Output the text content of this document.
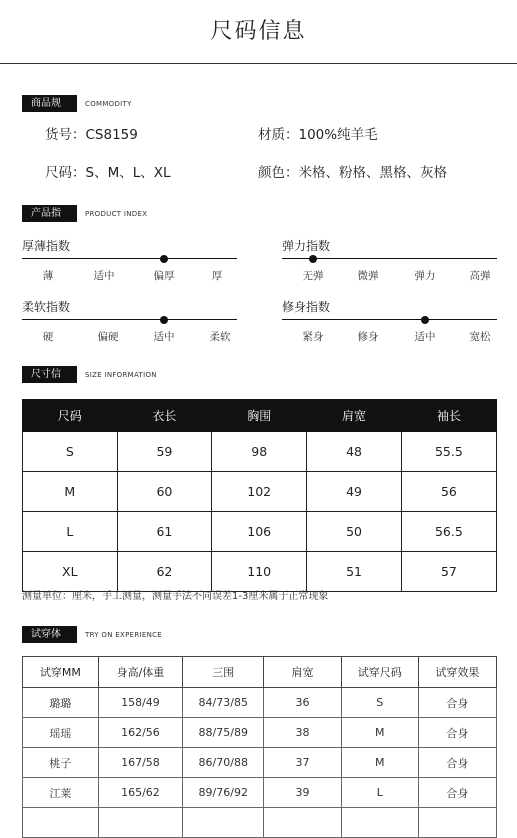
尺码信息
商品规格
COMMODITY
货号：CS8159	材质：100%纯羊毛
尺码：S、M、L、XL	颜色：米格、粉格、黑格、灰格
产品指数
PRODUCT INDEX
厚薄指数
薄	适中	偏厚	厚
弹力指数
无弹	微弹	弹力	高弹
柔软指数
硬	偏硬	适中	柔软
修身指数
紧身	修身	适中	宽松
尺寸信息
SIZE INFORMATION
尺码	衣长	胸围	肩宽	袖长
S	59	98	48	55.5
M	60	102	49	56
L	61	106	50	56.5
XL	62	110	51	57
测量单位：厘米，手工测量，测量手法不同误差1-3厘米属于正常现象
试穿体验
TRY ON EXPERIENCE
试穿MM	身高/体重	三围	肩宽	试穿尺码	试穿效果
璐璐	158/49	84/73/85	36	S	合身
瑶瑶	162/56	88/75/89	38	M	合身
桃子	167/58	86/70/88	37	M	合身
江莱	165/62	89/76/92	39	L	合身
